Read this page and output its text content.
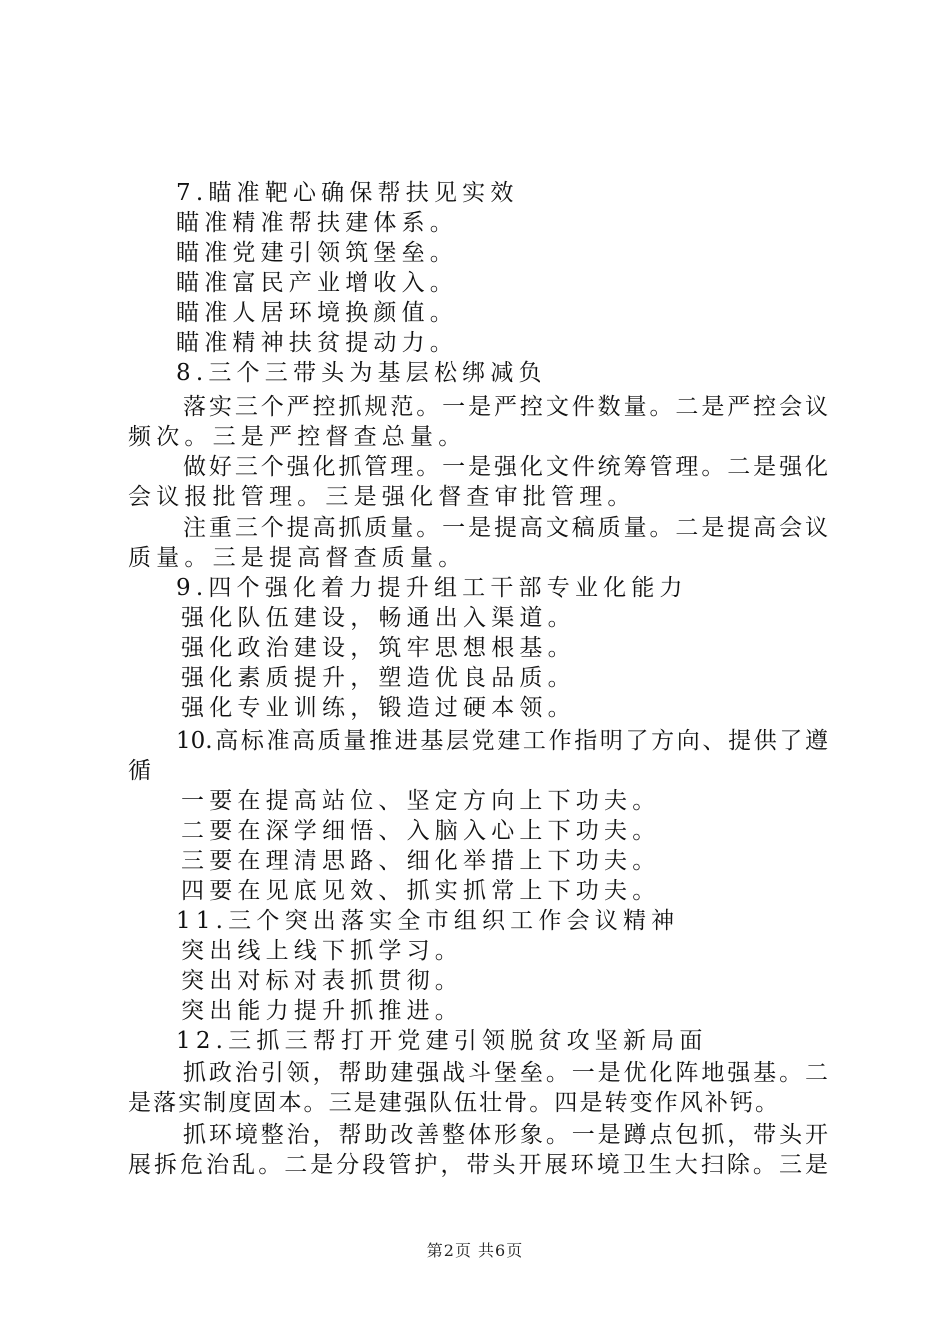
7.瞄准靶心确保帮扶见实效
瞄准精准帮扶建体系。
瞄准党建引领筑堡垒。
瞄准富民产业增收入。
瞄准人居环境换颜值。
瞄准精神扶贫提动力。
8.三个三带头为基层松绑减负
落实三个严控抓规范。一是严控文件数量。二是严控会议
频次。三是严控督查总量。
做好三个强化抓管理。一是强化文件统筹管理。二是强化
会议报批管理。三是强化督查审批管理。
注重三个提高抓质量。一是提高文稿质量。二是提高会议
质量。三是提高督查质量。
9.四个强化着力提升组工干部专业化能力
强化队伍建设，畅通出入渠道。
强化政治建设，筑牢思想根基。
强化素质提升，塑造优良品质。
强化专业训练，锻造过硬本领。
10.高标准高质量推进基层党建工作指明了方向、提供了遵
循
一要在提高站位、坚定方向上下功夫。
二要在深学细悟、入脑入心上下功夫。
三要在理清思路、细化举措上下功夫。
四要在见底见效、抓实抓常上下功夫。
11.三个突出落实全市组织工作会议精神
突出线上线下抓学习。
突出对标对表抓贯彻。
突出能力提升抓推进。
12.三抓三帮打开党建引领脱贫攻坚新局面
抓政治引领，帮助建强战斗堡垒。一是优化阵地强基。二
是落实制度固本。三是建强队伍壮骨。四是转变作风补钙。
抓环境整治，帮助改善整体形象。一是蹲点包抓，带头开
展拆危治乱。二是分段管护，带头开展环境卫生大扫除。三是
第2页 共6页
